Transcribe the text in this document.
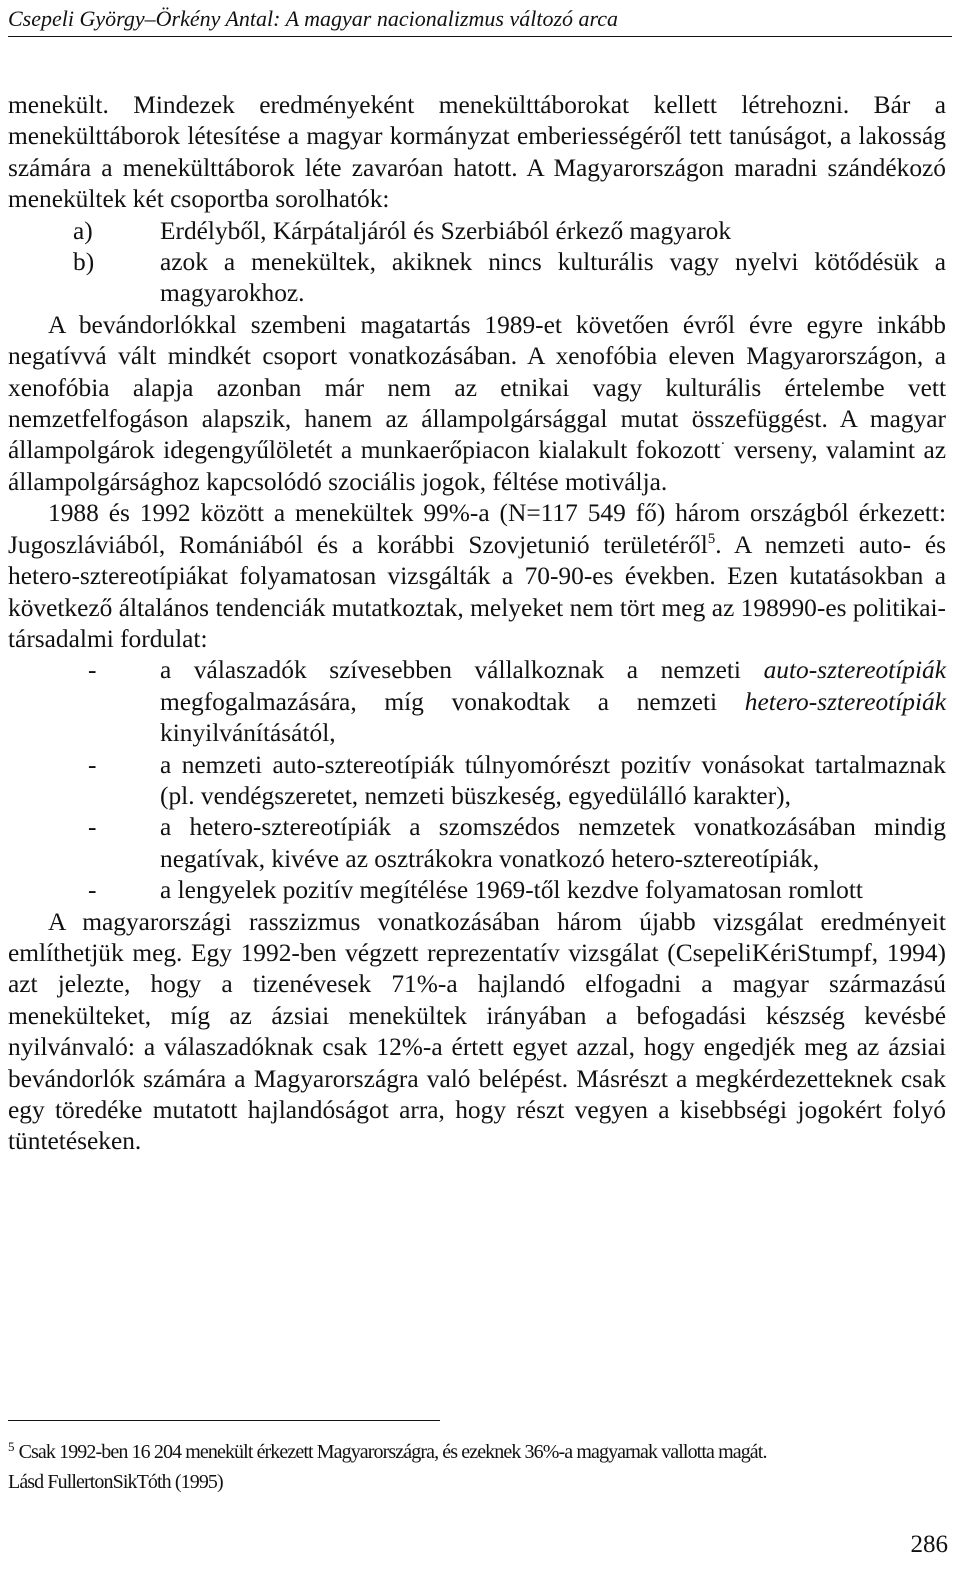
Csepeli György–Örkény Antal: A magyar nacionalizmus változó arca

menekült. Mindezek eredményeként menekülttáborokat kellett létrehozni. Bár a menekülttáborok létesítése a magyar kormányzat emberiességéről tett tanúságot, a lakosság számára a menekülttáborok léte zavaróan hatott. A Magyarországon maradni szándékozó menekültek két csoportba sorolhatók:

a)	Erdélyből, Kárpátaljáról és Szerbiából érkező magyarok

b)	azok a menekültek, akiknek nincs kulturális vagy nyelvi kötődésük a magyarokhoz.

A bevándorlókkal szembeni magatartás 1989-et követően évről évre egyre inkább negatívvá vált mindkét csoport vonatkozásában. A xenofóbia eleven Magyarországon, a xenofóbia alapja azonban már nem az etnikai vagy kulturális értelembe vett nemzetfelfogáson alapszik, hanem az állampolgársággal mutat összefüggést. A magyar állampolgárok idegengyűlöletét a munkaerőpiacon kialakult fokozott· verseny, valamint az állampolgársághoz kapcsolódó szociális jogok, féltése motiválja.

1988 és 1992 között a menekültek 99%-a (N=117 549 fő) három országból érkezett: Jugoszláviából, Romániából és a korábbi Szovjetunió területéről$^5$. A nemzeti auto- és hetero-sztereotípiákat folyamatosan vizsgálták a 70-90-es években. Ezen kutatásokban a következő általános tendenciák mutatkoztak, melyeket nem tört meg az 198990-es politikai-társadalmi fordulat:

-	a válaszadók szívesebben vállalkoznak a nemzeti auto-sztereotípiák megfogalmazására, míg vonakodtak a nemzeti hetero-sztereotípiák kinyilvánításától,

-	a nemzeti auto-sztereotípiák túlnyomórészt pozitív vonásokat tartalmaznak (pl. vendégszeretet, nemzeti büszkeség, egyedülálló karakter),

-	a hetero-sztereotípiák a szomszédos nemzetek vonatkozásában mindig negatívak, kivéve az osztrákokra vonatkozó hetero-sztereotípiák,

-	a lengyelek pozitív megítélése 1969-től kezdve folyamatosan romlott

A magyarországi rasszizmus vonatkozásában három újabb vizsgálat eredményeit említhetjük meg. Egy 1992-ben végzett reprezentatív vizsgálat (CsepeliKériStumpf, 1994) azt jelezte, hogy a tizenévesek 71%-a hajlandó elfogadni a magyar származású menekülteket, míg az ázsiai menekültek irányában a befogadási készség kevésbé nyilvánvaló: a válaszadóknak csak 12%-a értett egyet azzal, hogy engedjék meg az ázsiai bevándorlók számára a Magyarországra való belépést. Másrészt a megkérdezetteknek csak egy töredéke mutatott hajlandóságot arra, hogy részt vegyen a kisebbségi jogokért folyó tüntetéseken.

$^5$ Csak 1992-ben 16 204 menekült érkezett Magyarországra, és ezeknek 36%-a magyarnak vallotta magát.
Lásd FullertonSikTóth (1995)
286
